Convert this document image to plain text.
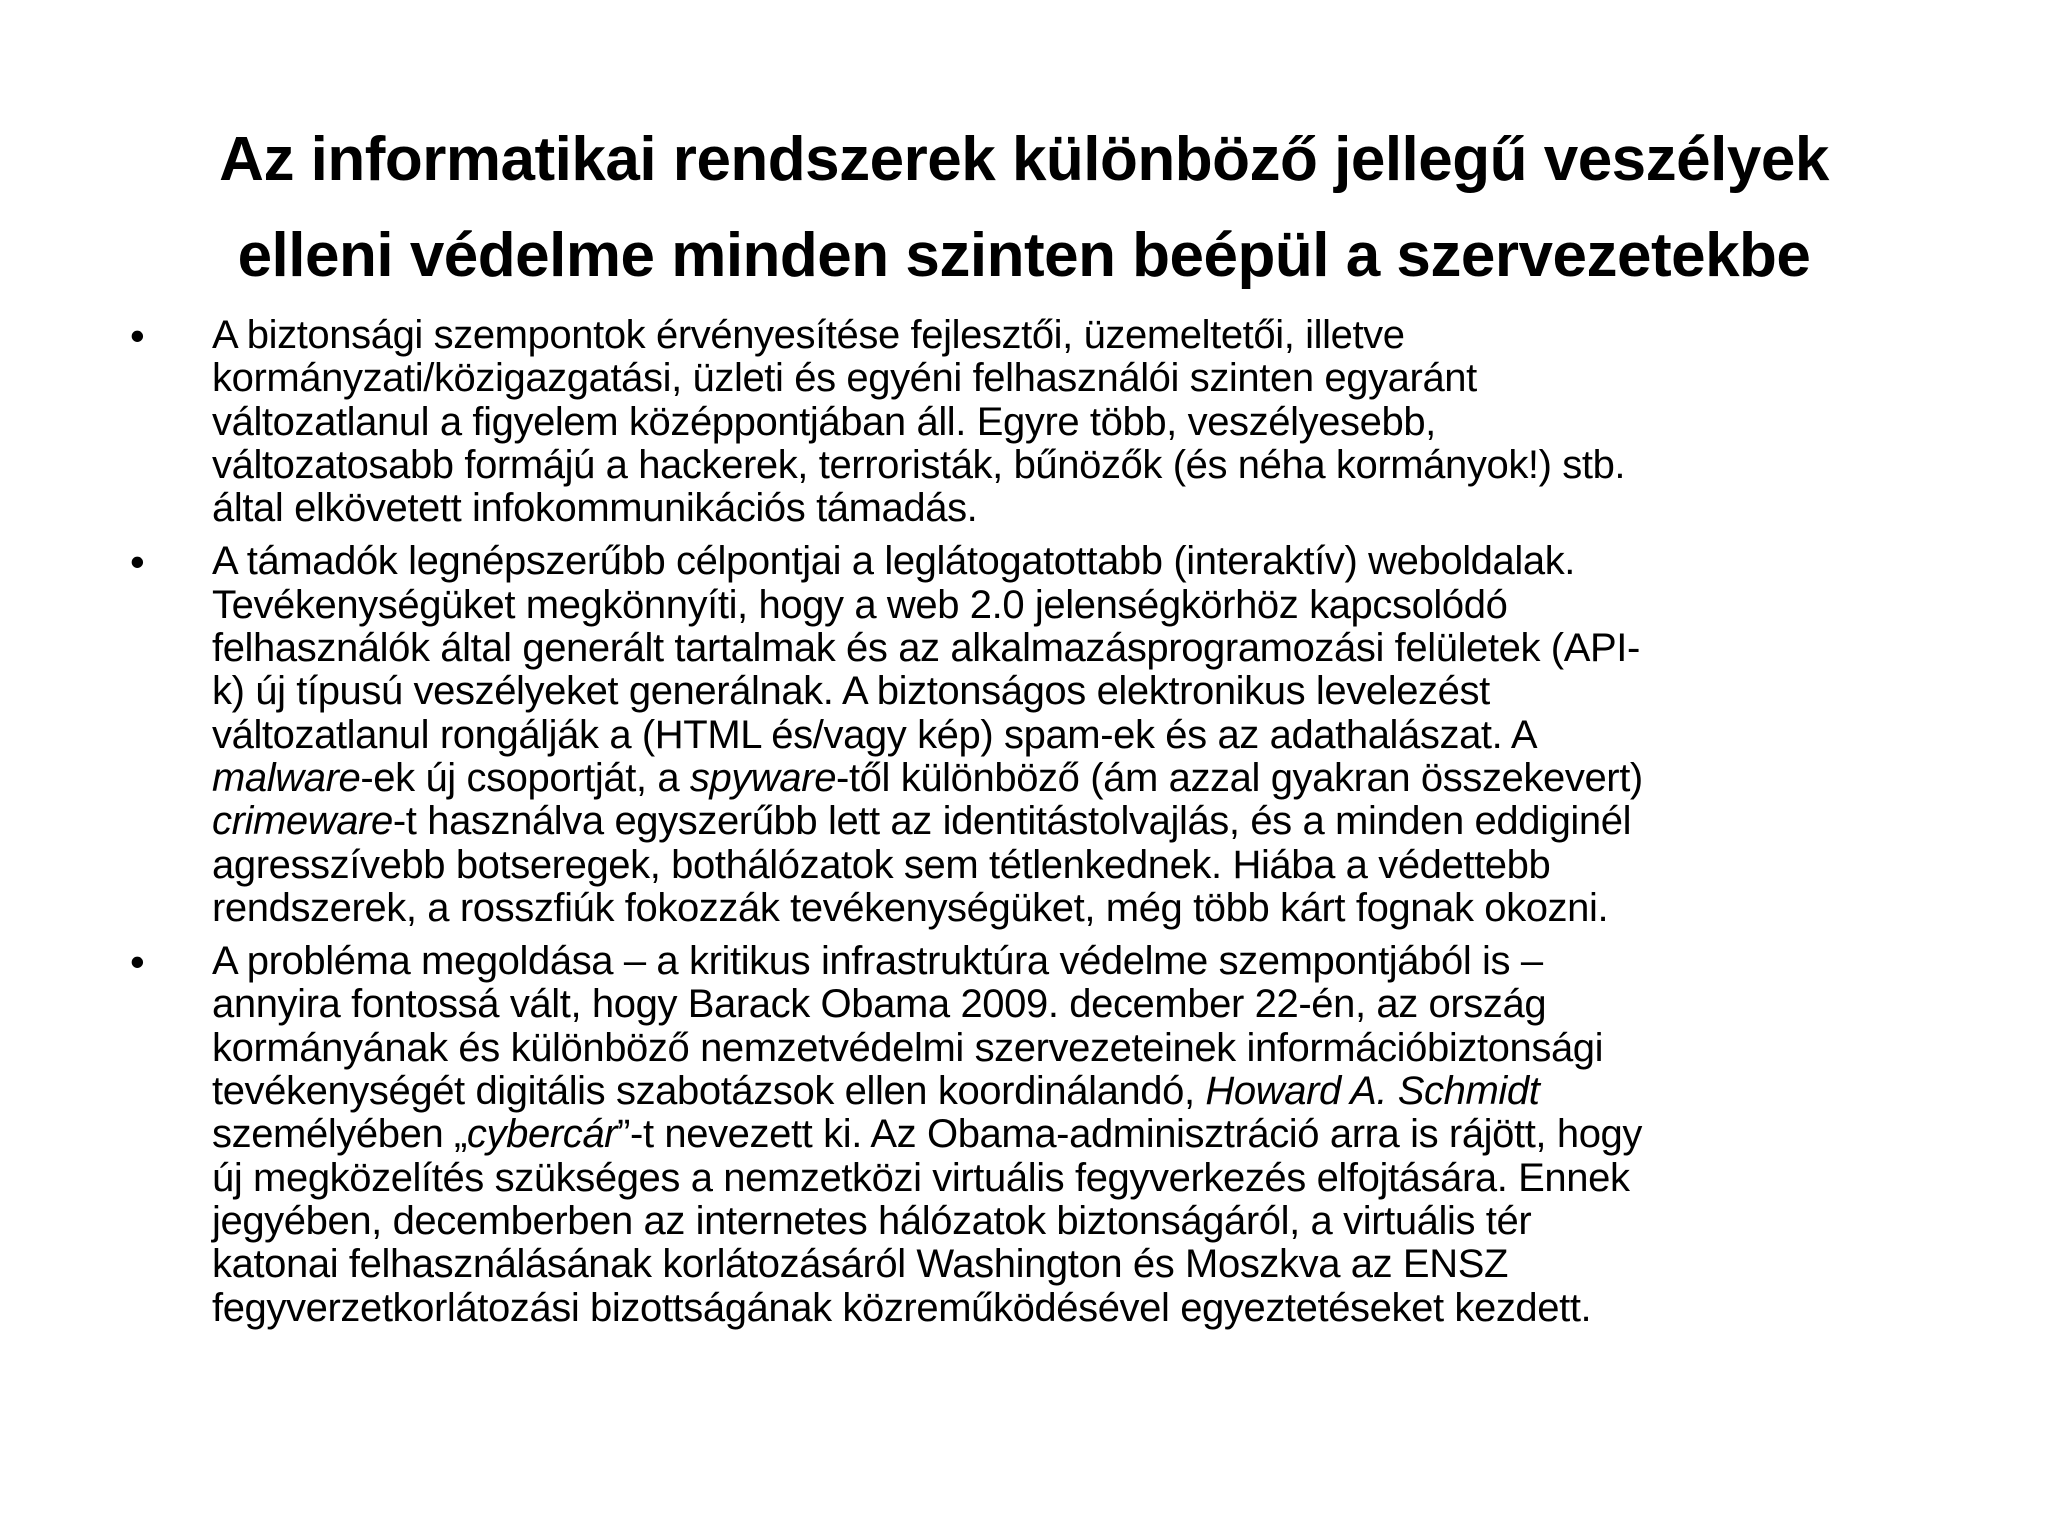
Az informatikai rendszerek különböző jellegű veszélyek
elleni védelme minden szinten beépül a szervezetekbe
• A biztonsági szempontok érvényesítése fejlesztői, üzemeltetői, illetve
kormányzati/közigazgatási, üzleti és egyéni felhasználói szinten egyaránt
változatlanul a figyelem középpontjában áll. Egyre több, veszélyesebb,
változatosabb formájú a hackerek, terroristák, bűnözők (és néha kormányok!) stb.
által elkövetett infokommunikációs támadás.
• A támadók legnépszerűbb célpontjai a leglátogatottabb (interaktív) weboldalak.
Tevékenységüket megkönnyíti, hogy a web 2.0 jelenségkörhöz kapcsolódó
felhasználók által generált tartalmak és az alkalmazásprogramozási felületek (API-
k) új típusú veszélyeket generálnak. A biztonságos elektronikus levelezést
változatlanul rongálják a (HTML és/vagy kép) spam-ek és az adathalászat. A
malware-ek új csoportját, a spyware-től különböző (ám azzal gyakran összekevert)
crimeware-t használva egyszerűbb lett az identitástolvajlás, és a minden eddiginél
agresszívebb botseregek, bothálózatok sem tétlenkednek. Hiába a védettebb
rendszerek, a rosszfiúk fokozzák tevékenységüket, még több kárt fognak okozni.
• A probléma megoldása – a kritikus infrastruktúra védelme szempontjából is –
annyira fontossá vált, hogy Barack Obama 2009. december 22-én, az ország
kormányának és különböző nemzetvédelmi szervezeteinek információbiztonsági
tevékenységét digitális szabotázsok ellen koordinálandó, Howard A. Schmidt
személyében „cybercár”-t nevezett ki. Az Obama-adminisztráció arra is rájött, hogy
új megközelítés szükséges a nemzetközi virtuális fegyverkezés elfojtására. Ennek
jegyében, decemberben az internetes hálózatok biztonságáról, a virtuális tér
katonai felhasználásának korlátozásáról Washington és Moszkva az ENSZ
fegyverzetkorlátozási bizottságának közreműködésével egyeztetéseket kezdett.
